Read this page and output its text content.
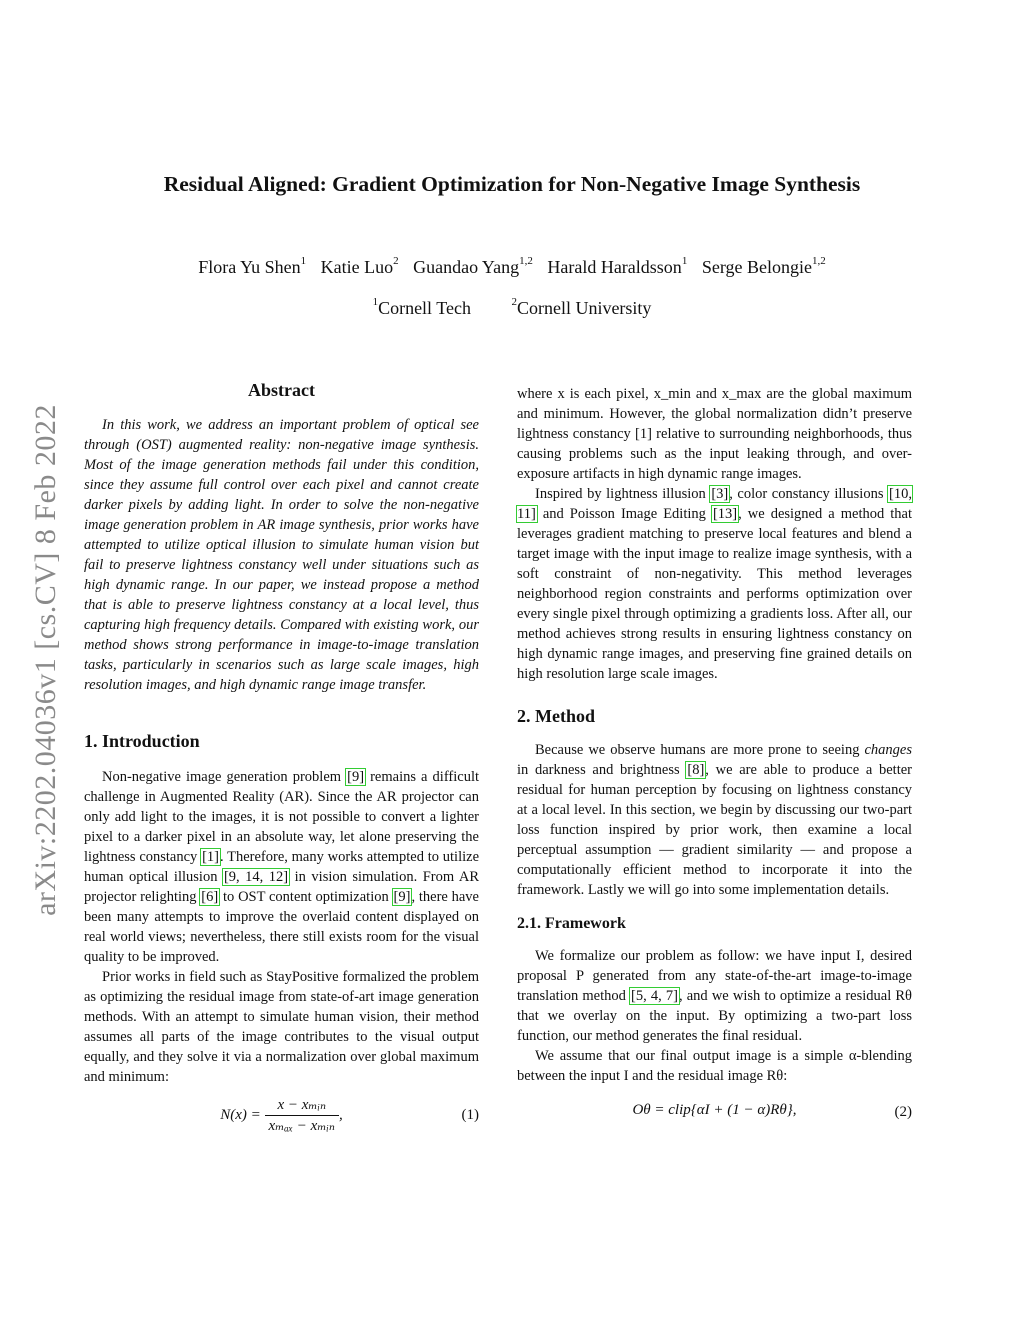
arXiv:2202.04036v1 [cs.CV] 8 Feb 2022
Residual Aligned: Gradient Optimization for Non-Negative Image Synthesis
Flora Yu Shen$^1$ Katie Luo$^2$ Guandao Yang$^{1,2}$ Harald Haraldsson$^1$ Serge Belongie$^{1,2}$
$^1$Cornell Tech	$^2$Cornell University
Abstract

In this work, we address an important problem of optical see through (OST) augmented reality: non-negative image synthesis. Most of the image generation methods fail under this condition, since they assume full control over each pixel and cannot create darker pixels by adding light. In order to solve the non-negative image generation problem in AR image synthesis, prior works have attempted to utilize optical illusion to simulate human vision but fail to preserve lightness constancy well under situations such as high dynamic range. In our paper, we instead propose a method that is able to preserve lightness constancy at a local level, thus capturing high frequency details. Compared with existing work, our method shows strong performance in image-to-image translation tasks, particularly in scenarios such as large scale images, high resolution images, and high dynamic range image transfer.

1. Introduction

Non-negative image generation problem [9] remains a difficult challenge in Augmented Reality (AR). Since the AR projector can only add light to the images, it is not possible to convert a lighter pixel to a darker pixel in an absolute way, let alone preserving the lightness constancy [1]. Therefore, many works attempted to utilize human optical illusion [9, 14, 12] in vision simulation. From AR projector relighting [6] to OST content optimization [9], there have been many attempts to improve the overlaid content displayed on real world views; nevertheless, there still exists room for the visual quality to be improved.

Prior works in field such as StayPositive formalized the problem as optimizing the residual image from state-of-art image generation methods. With an attempt to simulate human vision, their method assumes all parts of the image contributes to the visual output equally, and they solve it via a normalization over global maximum and minimum:

$N(x) = \frac{\text{x − xₘᵢₙ}}{\text{xₘₐₓ − xₘᵢₙ}}$ ,	(1)

where x is each pixel, x_min and x_max are the global maximum and minimum. However, the global normalization didn’t preserve lightness constancy [1] relative to surrounding neighborhoods, thus causing problems such as the input leaking through, and over-exposure artifacts in high dynamic range images.

Inspired by lightness illusion [3], color constancy illusions [10, 11] and Poisson Image Editing [13], we designed a method that leverages gradient matching to preserve local features and blend a target image with the input image to realize image synthesis, with a soft constraint of non-negativity. This method leverages neighborhood region constraints and performs optimization over every single pixel through optimizing a gradients loss. After all, our method achieves strong results in ensuring lightness constancy on high dynamic range images, and preserving fine grained details on high resolution large scale images.

2. Method

Because we observe humans are more prone to seeing changes in darkness and brightness [8], we are able to produce a better residual for human perception by focusing on lightness constancy at a local level. In this section, we begin by discussing our two-part loss function inspired by prior work, then examine a local perceptual assumption — gradient similarity — and propose a computationally efficient method to incorporate it into the framework. Lastly we will go into some implementation details.

2.1. Framework

We formalize our problem as follow: we have input I, desired proposal P generated from any state-of-the-art image-to-image translation method [5, 4, 7], and we wish to optimize a residual Rθ that we overlay on the input. By optimizing a two-part loss function, our method generates the final residual.

We assume that our final output image is a simple α-blending between the input I and the residual image Rθ:

Oθ = clip{αI + (1 − α)Rθ},	(2)
